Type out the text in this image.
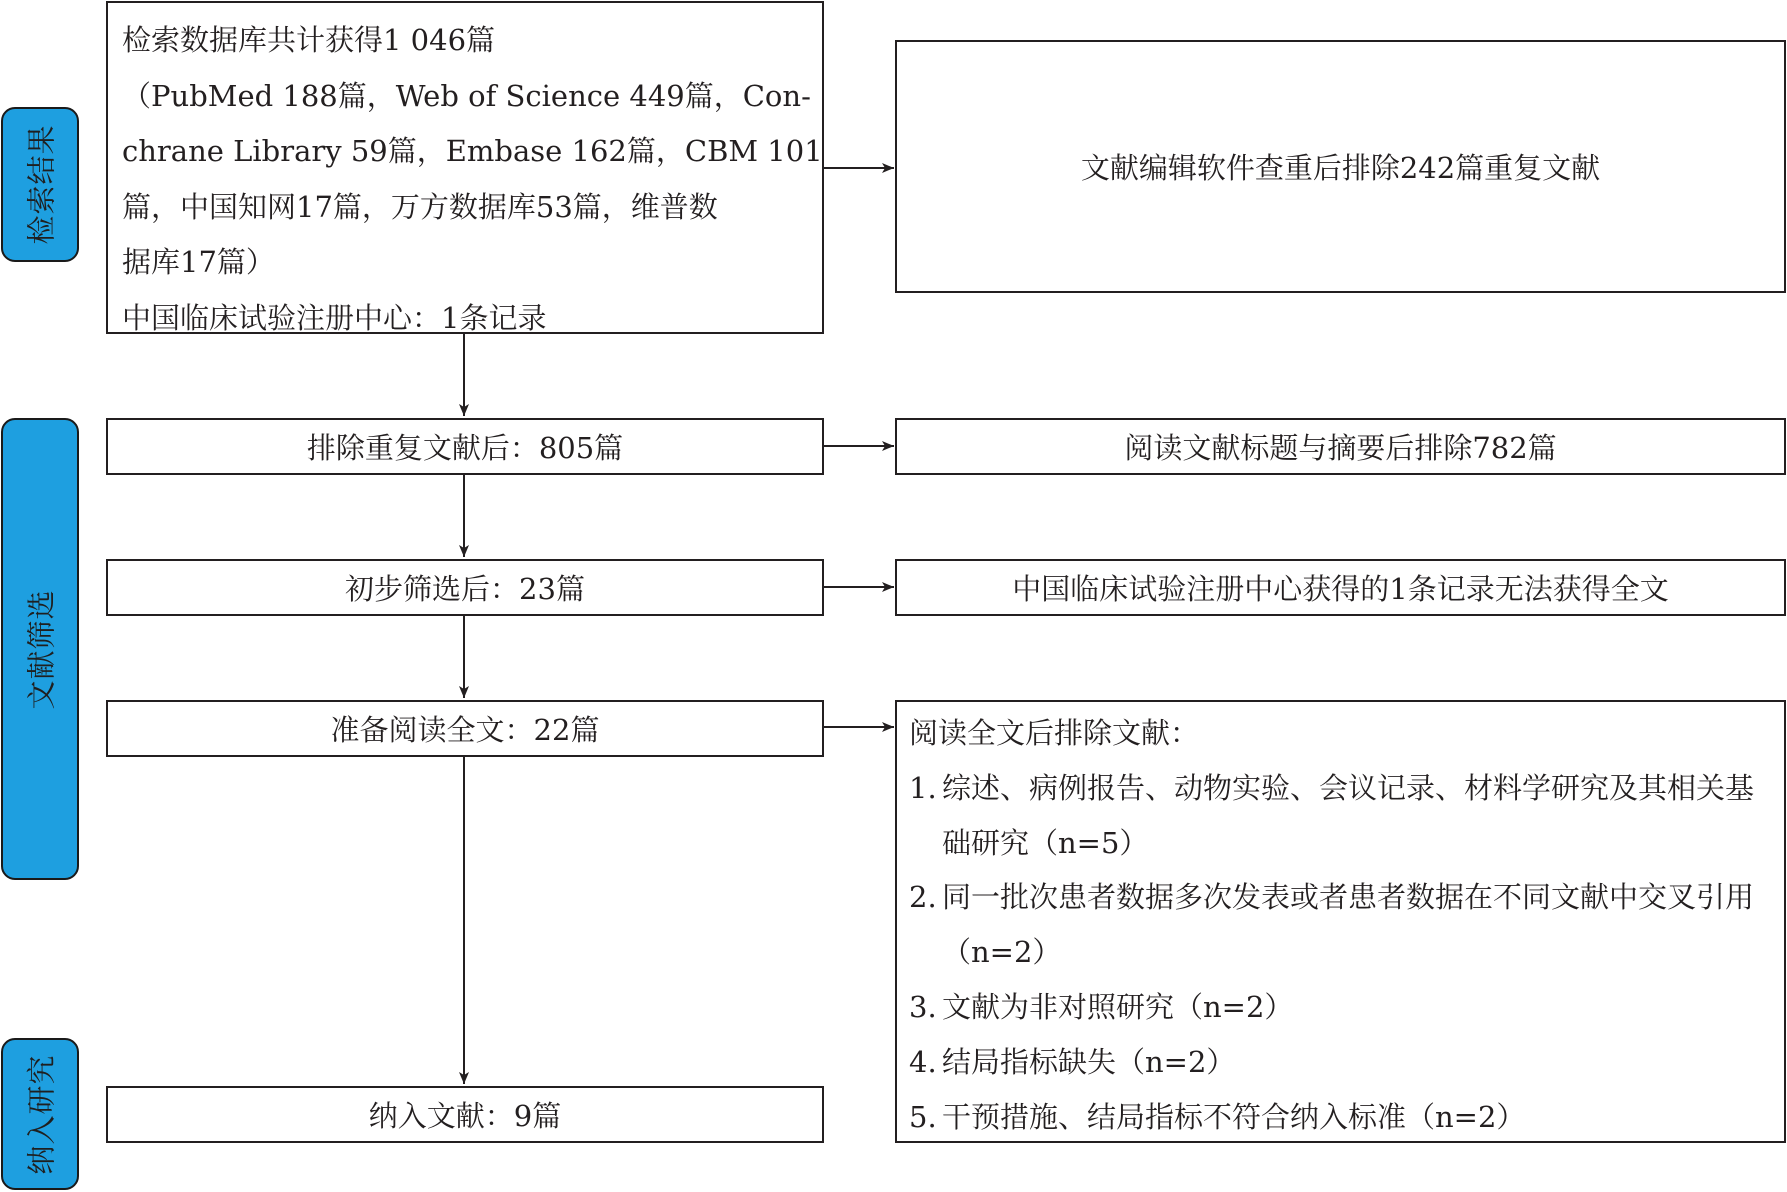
检索结果
文献筛选
纳入研究
检索数据库共计获得1 046篇
（PubMed 188篇，Web of Science 449篇，Con-
chrane Library 59篇，Embase 162篇，CBM 101
篇，中国知网17篇，万方数据库53篇，维普数
据库17篇）
中国临床试验注册中心：1条记录
文献编辑软件查重后排除242篇重复文献
排除重复文献后：805篇	阅读文献标题与摘要后排除782篇
初步筛选后：23篇	中国临床试验注册中心获得的1条记录无法获得全文
准备阅读全文：22篇
纳入文献：9篇
阅读全文后排除文献：
1. 综述、病例报告、动物实验、会议记录、材料学研究及其相关基础研究（n=5）
2. 同一批次患者数据多次发表或者患者数据在不同文献中交叉引用（n=2）
3. 文献为非对照研究（n=2）
4. 结局指标缺失（n=2）
5. 干预措施、结局指标不符合纳入标准（n=2）
